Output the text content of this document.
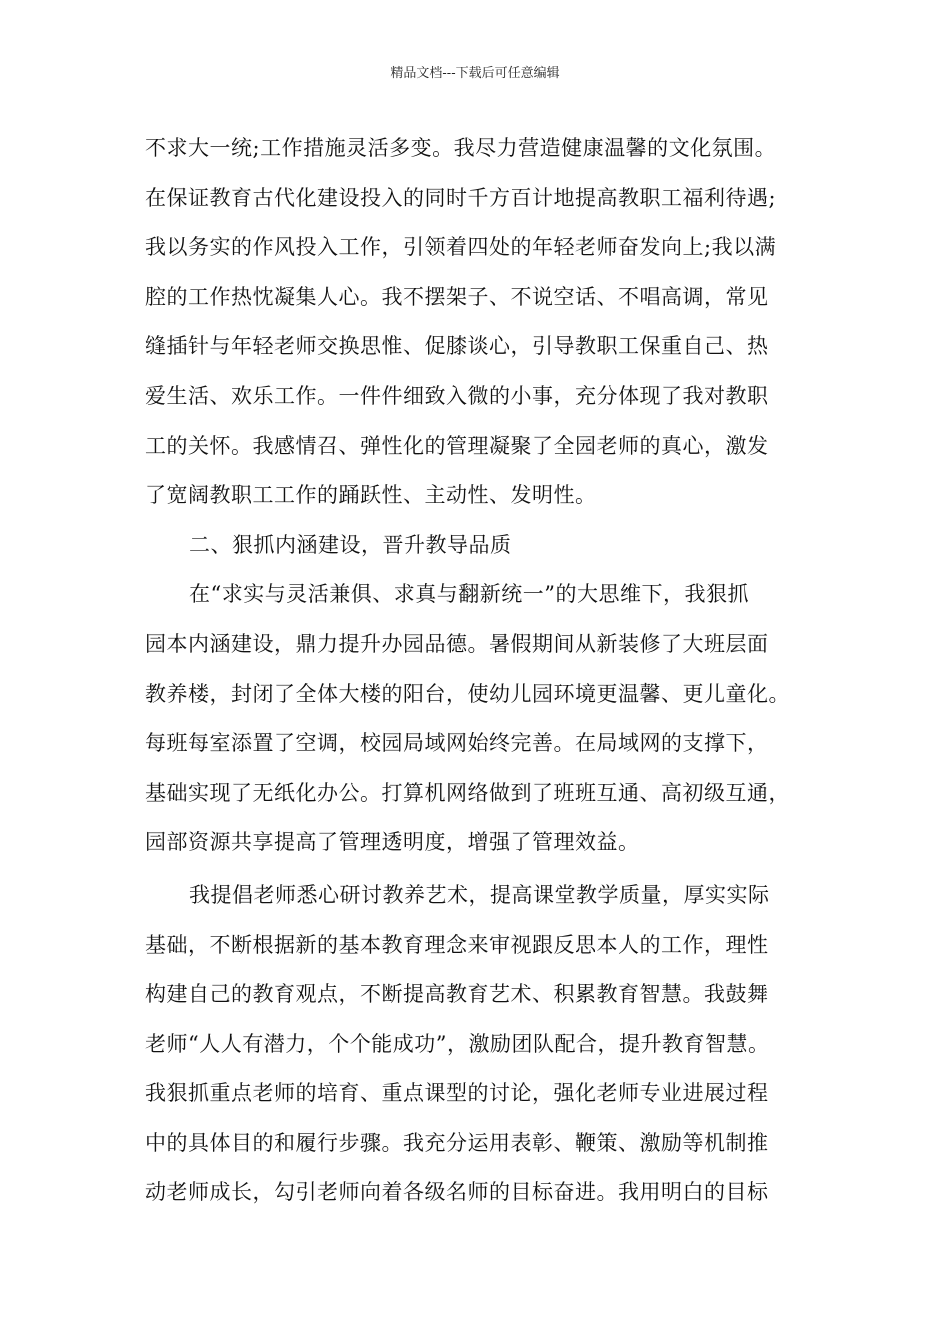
精品文档---下载后可任意编辑
不求大一统;工作措施灵活多变。我尽力营造健康温馨的文化氛围。
在保证教育古代化建设投入的同时千方百计地提高教职工福利待遇;
我以务实的作风投入工作，引领着四处的年轻老师奋发向上;我以满
腔的工作热忱凝集人心。我不摆架子、不说空话、不唱高调，常见
缝插针与年轻老师交换思惟、促膝谈心，引导教职工保重自己、热
爱生活、欢乐工作。一件件细致入微的小事，充分体现了我对教职
工的关怀。我感情召、弹性化的管理凝聚了全园老师的真心，激发
了宽阔教职工工作的踊跃性、主动性、发明性。
二、狠抓内涵建设，晋升教导品质
在“求实与灵活兼俱、求真与翻新统一”的大思维下，我狠抓
园本内涵建设，鼎力提升办园品德。暑假期间从新装修了大班层面
教养楼，封闭了全体大楼的阳台，使幼儿园环境更温馨、更儿童化。
每班每室添置了空调，校园局域网始终完善。在局域网的支撑下，
基础实现了无纸化办公。打算机网络做到了班班互通、高初级互通，
园部资源共享提高了管理透明度，增强了管理效益。
我提倡老师悉心研讨教养艺术，提高课堂教学质量，厚实实际
基础，不断根据新的基本教育理念来审视跟反思本人的工作，理性
构建自己的教育观点，不断提高教育艺术、积累教育智慧。我鼓舞
老师“人人有潜力，个个能成功”，激励团队配合，提升教育智慧。
我狠抓重点老师的培育、重点课型的讨论，强化老师专业进展过程
中的具体目的和履行步骤。我充分运用表彰、鞭策、激励等机制推
动老师成长，勾引老师向着各级名师的目标奋进。我用明白的目标
